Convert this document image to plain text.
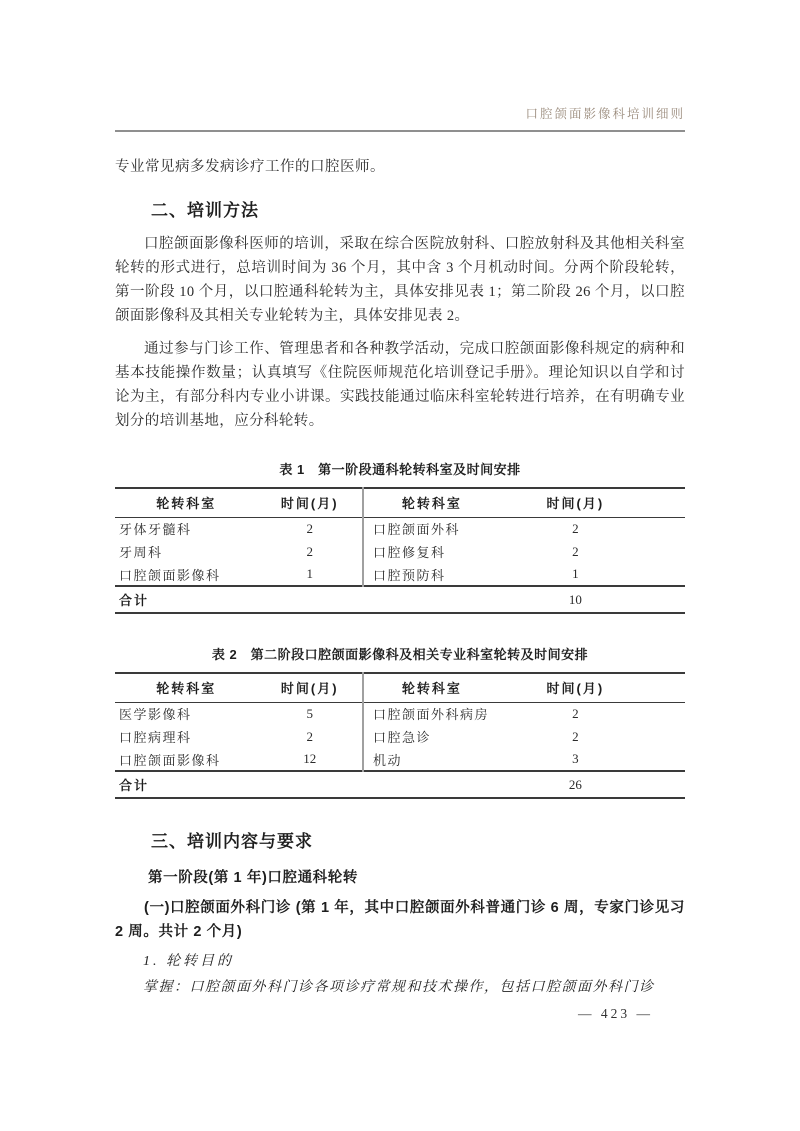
口腔颌面影像科培训细则

专业常见病多发病诊疗工作的口腔医师。

二、培训方法

口腔颌面影像科医师的培训，采取在综合医院放射科、口腔放射科及其他相关科室轮转的形式进行，总培训时间为 36 个月，其中含 3 个月机动时间。分两个阶段轮转，第一阶段 10 个月，以口腔通科轮转为主，具体安排见表 1；第二阶段 26 个月，以口腔颌面影像科及其相关专业轮转为主，具体安排见表 2。

通过参与门诊工作、管理患者和各种教学活动，完成口腔颌面影像科规定的病种和基本技能操作数量；认真填写《住院医师规范化培训登记手册》。理论知识以自学和讨论为主，有部分科内专业小讲课。实践技能通过临床科室轮转进行培养，在有明确专业划分的培训基地，应分科轮转。

表 1　第一阶段通科轮转科室及时间安排
轮转科室	时间(月)	轮转科室	时间(月)
牙体牙髓科	2	口腔颌面外科	2
牙周科	2	口腔修复科	2
口腔颌面影像科	1	口腔预防科	1
合计			10
表 2　第二阶段口腔颌面影像科及相关专业科室轮转及时间安排
轮转科室	时间(月)	轮转科室	时间(月)
医学影像科	5	口腔颌面外科病房	2
口腔病理科	2	口腔急诊	2
口腔颌面影像科	12	机动	3
合计			26
三、培训内容与要求

第一阶段(第 1 年)口腔通科轮转

(一)口腔颌面外科门诊 (第 1 年，其中口腔颌面外科普通门诊 6 周，专家门诊见习 2 周。共计 2 个月)

1. 轮转目的

掌握：口腔颌面外科门诊各项诊疗常规和技术操作，包括口腔颌面外科门诊

— 423 —
